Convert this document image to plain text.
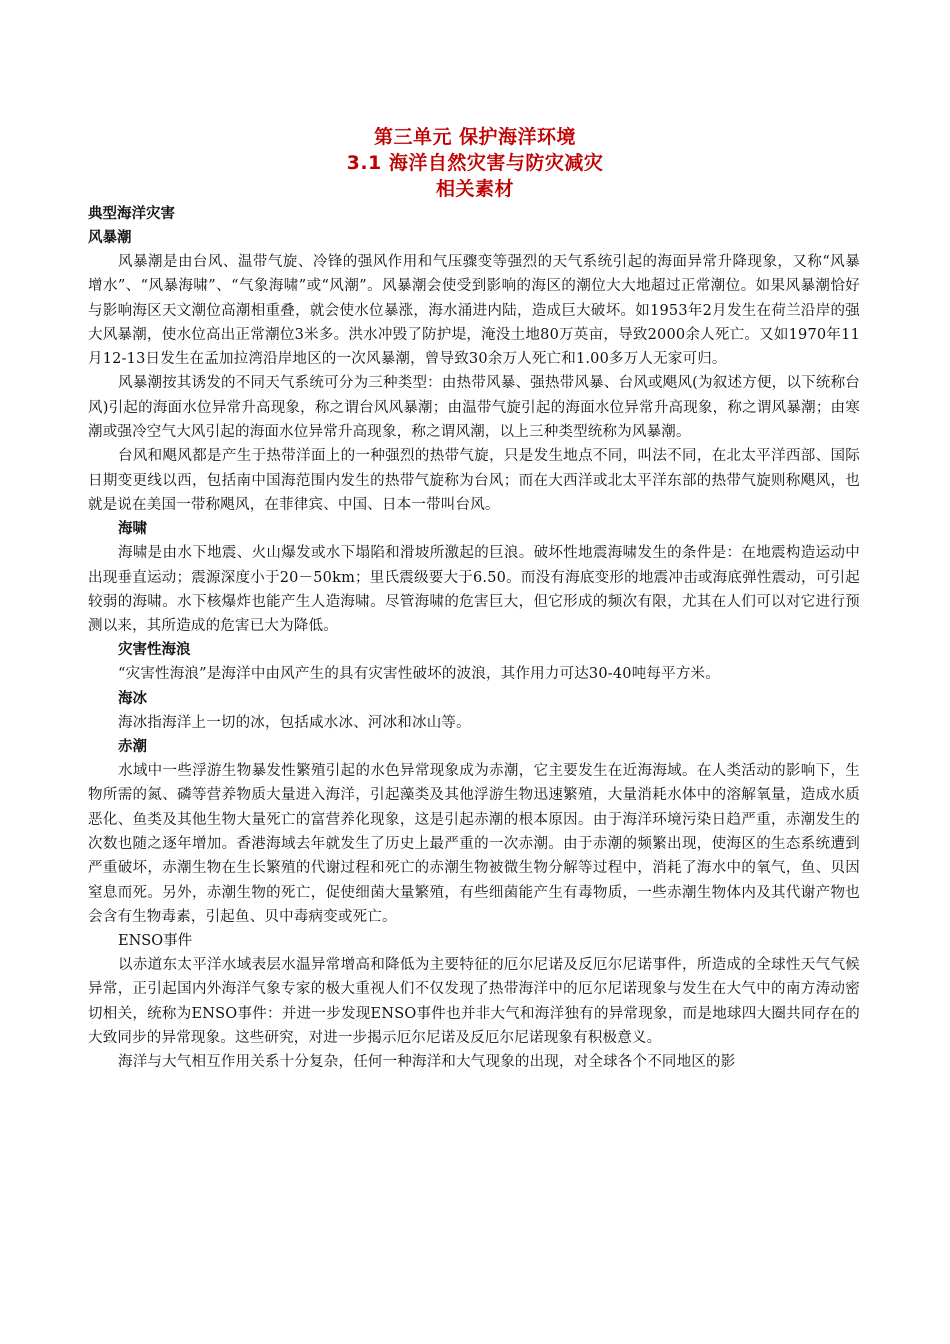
第三单元 保护海洋环境
3.1 海洋自然灾害与防灾减灾
相关素材
典型海洋灾害
风暴潮

风暴潮是由台风、温带气旋、冷锋的强风作用和气压骤变等强烈的天气系统引起的海面异常升降现象，又称“风暴增水”、“风暴海啸”、“气象海啸”或“风潮”。风暴潮会使受到影响的海区的潮位大大地超过正常潮位。如果风暴潮恰好与影响海区天文潮位高潮相重叠，就会使水位暴涨，海水涌进内陆，造成巨大破坏。如1953年2月发生在荷兰沿岸的强大风暴潮，使水位高出正常潮位3米多。洪水冲毁了防护堤，淹没土地80万英亩，导致2000余人死亡。又如1970年11月12-13日发生在孟加拉湾沿岸地区的一次风暴潮，曾导致30余万人死亡和1.00多万人无家可归。

风暴潮按其诱发的不同天气系统可分为三种类型：由热带风暴、强热带风暴、台风或飓风(为叙述方便，以下统称台风)引起的海面水位异常升高现象，称之谓台风风暴潮；由温带气旋引起的海面水位异常升高现象，称之谓风暴潮；由寒潮或强冷空气大风引起的海面水位异常升高现象，称之谓风潮，以上三种类型统称为风暴潮。

台风和飓风都是产生于热带洋面上的一种强烈的热带气旋，只是发生地点不同，叫法不同，在北太平洋西部、国际日期变更线以西，包括南中国海范围内发生的热带气旋称为台风；而在大西洋或北太平洋东部的热带气旋则称飓风，也就是说在美国一带称飓风，在菲律宾、中国、日本一带叫台风。

海啸

海啸是由水下地震、火山爆发或水下塌陷和滑坡所激起的巨浪。破坏性地震海啸发生的条件是：在地震构造运动中出现垂直运动；震源深度小于20－50km；里氏震级要大于6.50。而没有海底变形的地震冲击或海底弹性震动，可引起较弱的海啸。水下核爆炸也能产生人造海啸。尽管海啸的危害巨大，但它形成的频次有限，尤其在人们可以对它进行预测以来，其所造成的危害已大为降低。

灾害性海浪

“灾害性海浪”是海洋中由风产生的具有灾害性破坏的波浪，其作用力可达30-40吨每平方米。

海冰

海冰指海洋上一切的冰，包括咸水冰、河冰和冰山等。

赤潮

水域中一些浮游生物暴发性繁殖引起的水色异常现象成为赤潮，它主要发生在近海海域。在人类活动的影响下，生物所需的氮、磷等营养物质大量进入海洋，引起藻类及其他浮游生物迅速繁殖，大量消耗水体中的溶解氧量，造成水质恶化、鱼类及其他生物大量死亡的富营养化现象，这是引起赤潮的根本原因。由于海洋环境污染日趋严重，赤潮发生的次数也随之逐年增加。香港海域去年就发生了历史上最严重的一次赤潮。由于赤潮的频繁出现，使海区的生态系统遭到严重破坏，赤潮生物在生长繁殖的代谢过程和死亡的赤潮生物被微生物分解等过程中，消耗了海水中的氧气，鱼、贝因窒息而死。另外，赤潮生物的死亡，促使细菌大量繁殖，有些细菌能产生有毒物质，一些赤潮生物体内及其代谢产物也会含有生物毒素，引起鱼、贝中毒病变或死亡。

ENSO事件

以赤道东太平洋水域表层水温异常增高和降低为主要特征的厄尔尼诺及反厄尔尼诺事件，所造成的全球性天气气候异常，正引起国内外海洋气象专家的极大重视人们不仅发现了热带海洋中的厄尔尼诺现象与发生在大气中的南方涛动密切相关，统称为ENSO事件：并进一步发现ENSO事件也并非大气和海洋独有的异常现象，而是地球四大圈共同存在的大致同步的异常现象。这些研究，对进一步揭示厄尔尼诺及反厄尔尼诺现象有积极意义。

海洋与大气相互作用关系十分复杂，任何一种海洋和大气现象的出现，对全球各个不同地区的影
